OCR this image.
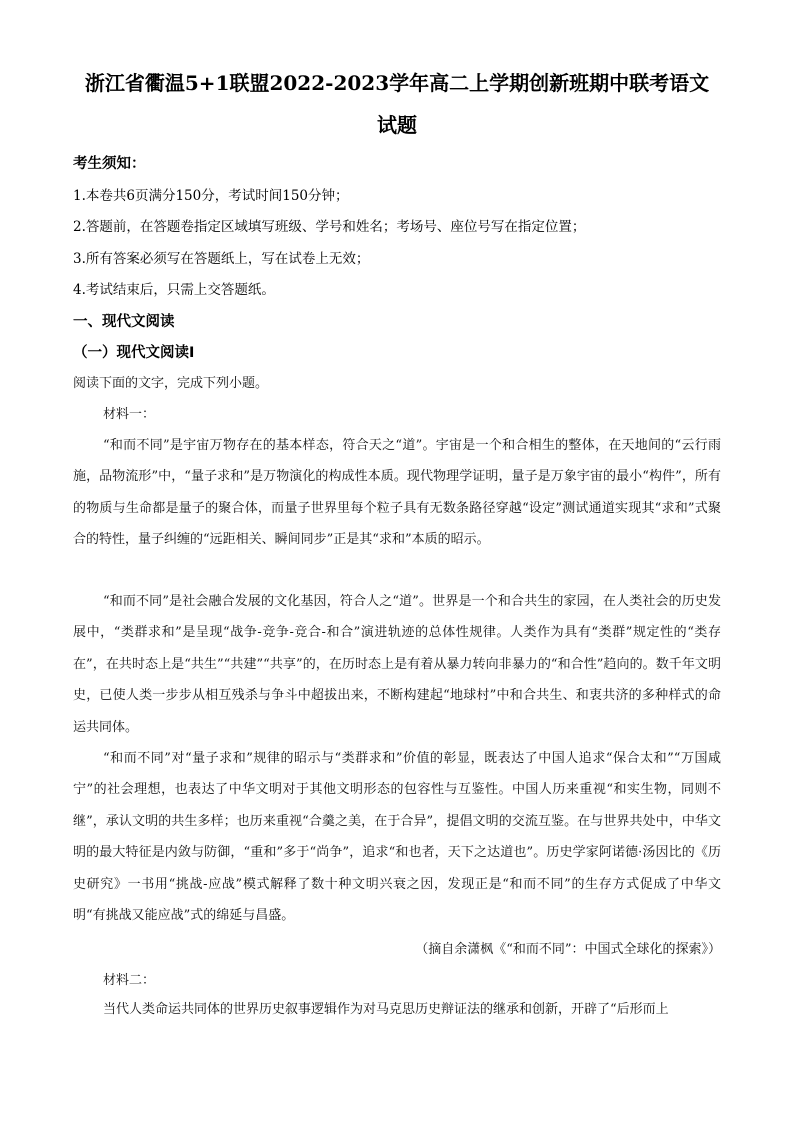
浙江省衢温5+1联盟2022-2023学年高二上学期创新班期中联考语文
试题
考生须知：
1.本卷共6页满分150分，考试时间150分钟；
2.答题前，在答题卷指定区域填写班级、学号和姓名；考场号、座位号写在指定位置；
3.所有答案必须写在答题纸上，写在试卷上无效；
4.考试结束后，只需上交答题纸。
一、现代文阅读
（一）现代文阅读Ⅰ
阅读下面的文字，完成下列小题。
材料一：
“和而不同”是宇宙万物存在的基本样态，符合天之“道”。宇宙是一个和合相生的整体，在天地间的“云行雨施，品物流形”中，“量子求和”是万物演化的构成性本质。现代物理学证明，量子是万象宇宙的最小“构件”，所有的物质与生命都是量子的聚合体，而量子世界里每个粒子具有无数条路径穿越“设定”测试通道实现其“求和”式聚合的特性，量子纠缠的“远距相关、瞬间同步”正是其“求和”本质的昭示。
“和而不同”是社会融合发展的文化基因，符合人之“道”。世界是一个和合共生的家园，在人类社会的历史发展中，“类群求和”是呈现“战争-竞争-竞合-和合”演进轨迹的总体性规律。人类作为具有“类群”规定性的“类存在”，在共时态上是“共生”“共建”“共享”的，在历时态上是有着从暴力转向非暴力的“和合性”趋向的。数千年文明史，已使人类一步步从相互残杀与争斗中超拔出来，不断构建起“地球村”中和合共生、和衷共济的多种样式的命运共同体。
“和而不同”对“量子求和”规律的昭示与“类群求和”价值的彰显，既表达了中国人追求“保合太和”“万国咸宁”的社会理想，也表达了中华文明对于其他文明形态的包容性与互鉴性。中国人历来重视“和实生物，同则不继”，承认文明的共生多样；也历来重视“合羹之美，在于合异”，提倡文明的交流互鉴。在与世界共处中，中华文明的最大特征是内敛与防御，“重和”多于“尚争”，追求“和也者，天下之达道也”。历史学家阿诺德·汤因比的《历史研究》一书用“挑战-应战”模式解释了数十种文明兴衰之因，发现正是“和而不同”的生存方式促成了中华文明“有挑战又能应战”式的绵延与昌盛。
（摘自余潇枫《“和而不同”：中国式全球化的探索》）
材料二：
当代人类命运共同体的世界历史叙事逻辑作为对马克思历史辩证法的继承和创新，开辟了“后形而上
